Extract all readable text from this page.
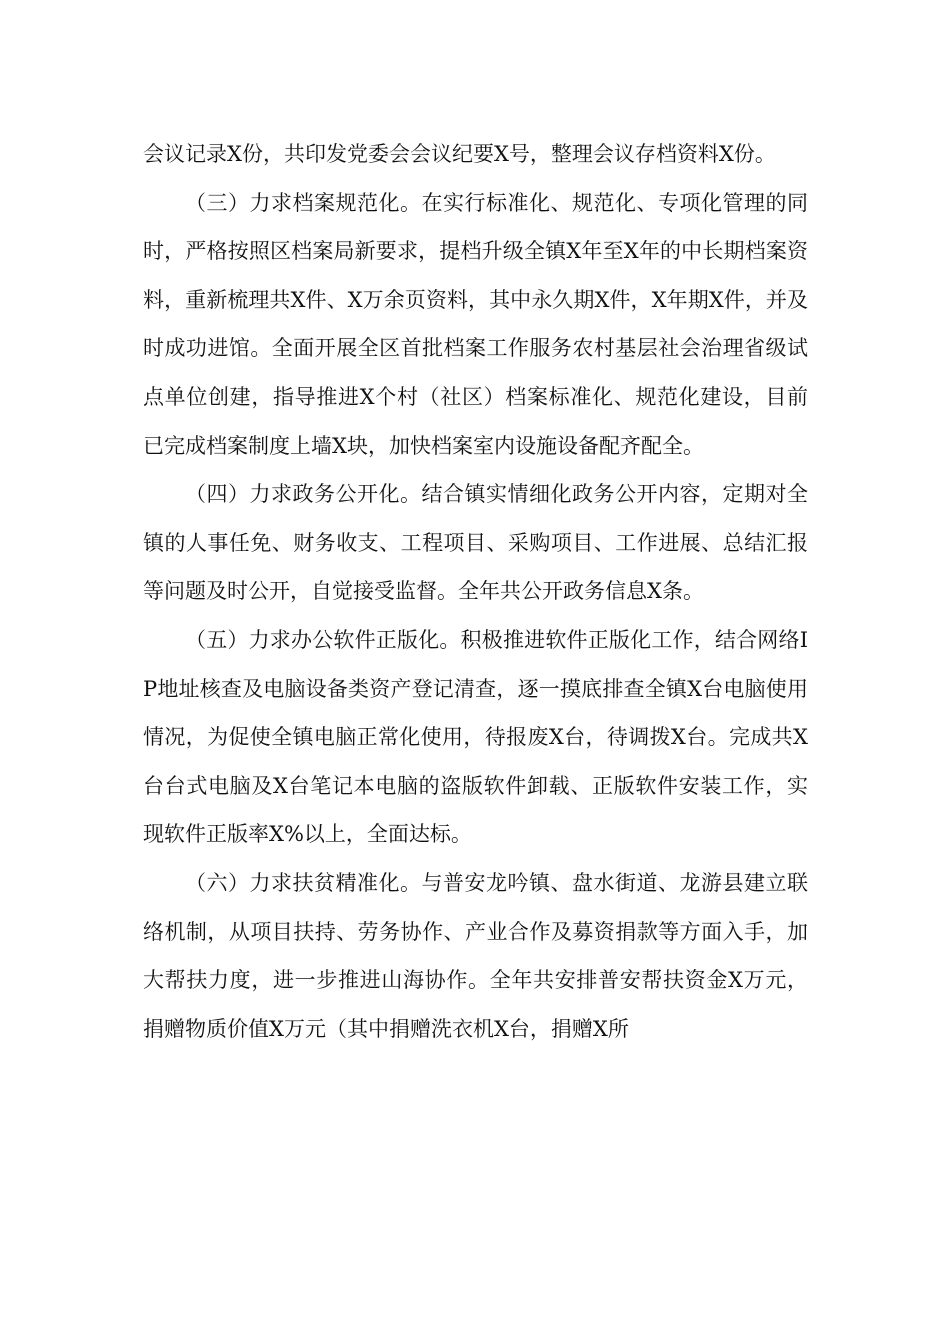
会议记录X份，共印发党委会会议纪要X号，整理会议存档资料X份。

（三）力求档案规范化。在实行标准化、规范化、专项化管理的同时，严格按照区档案局新要求，提档升级全镇X年至X年的中长期档案资料，重新梳理共X件、X万余页资料，其中永久期X件，X年期X件，并及时成功进馆。全面开展全区首批档案工作服务农村基层社会治理省级试点单位创建，指导推进X个村（社区）档案标准化、规范化建设，目前已完成档案制度上墙X块，加快档案室内设施设备配齐配全。

（四）力求政务公开化。结合镇实情细化政务公开内容，定期对全镇的人事任免、财务收支、工程项目、采购项目、工作进展、总结汇报等问题及时公开，自觉接受监督。全年共公开政务信息X条。

（五）力求办公软件正版化。积极推进软件正版化工作，结合网络IP地址核查及电脑设备类资产登记清查，逐一摸底排查全镇X台电脑使用情况，为促使全镇电脑正常化使用，待报废X台，待调拨X台。完成共X台台式电脑及X台笔记本电脑的盗版软件卸载、正版软件安装工作，实现软件正版率X%以上，全面达标。

（六）力求扶贫精准化。与普安龙吟镇、盘水街道、龙游县建立联络机制，从项目扶持、劳务协作、产业合作及募资捐款等方面入手，加大帮扶力度，进一步推进山海协作。全年共安排普安帮扶资金X万元，捐赠物质价值X万元（其中捐赠洗衣机X台，捐赠X所
